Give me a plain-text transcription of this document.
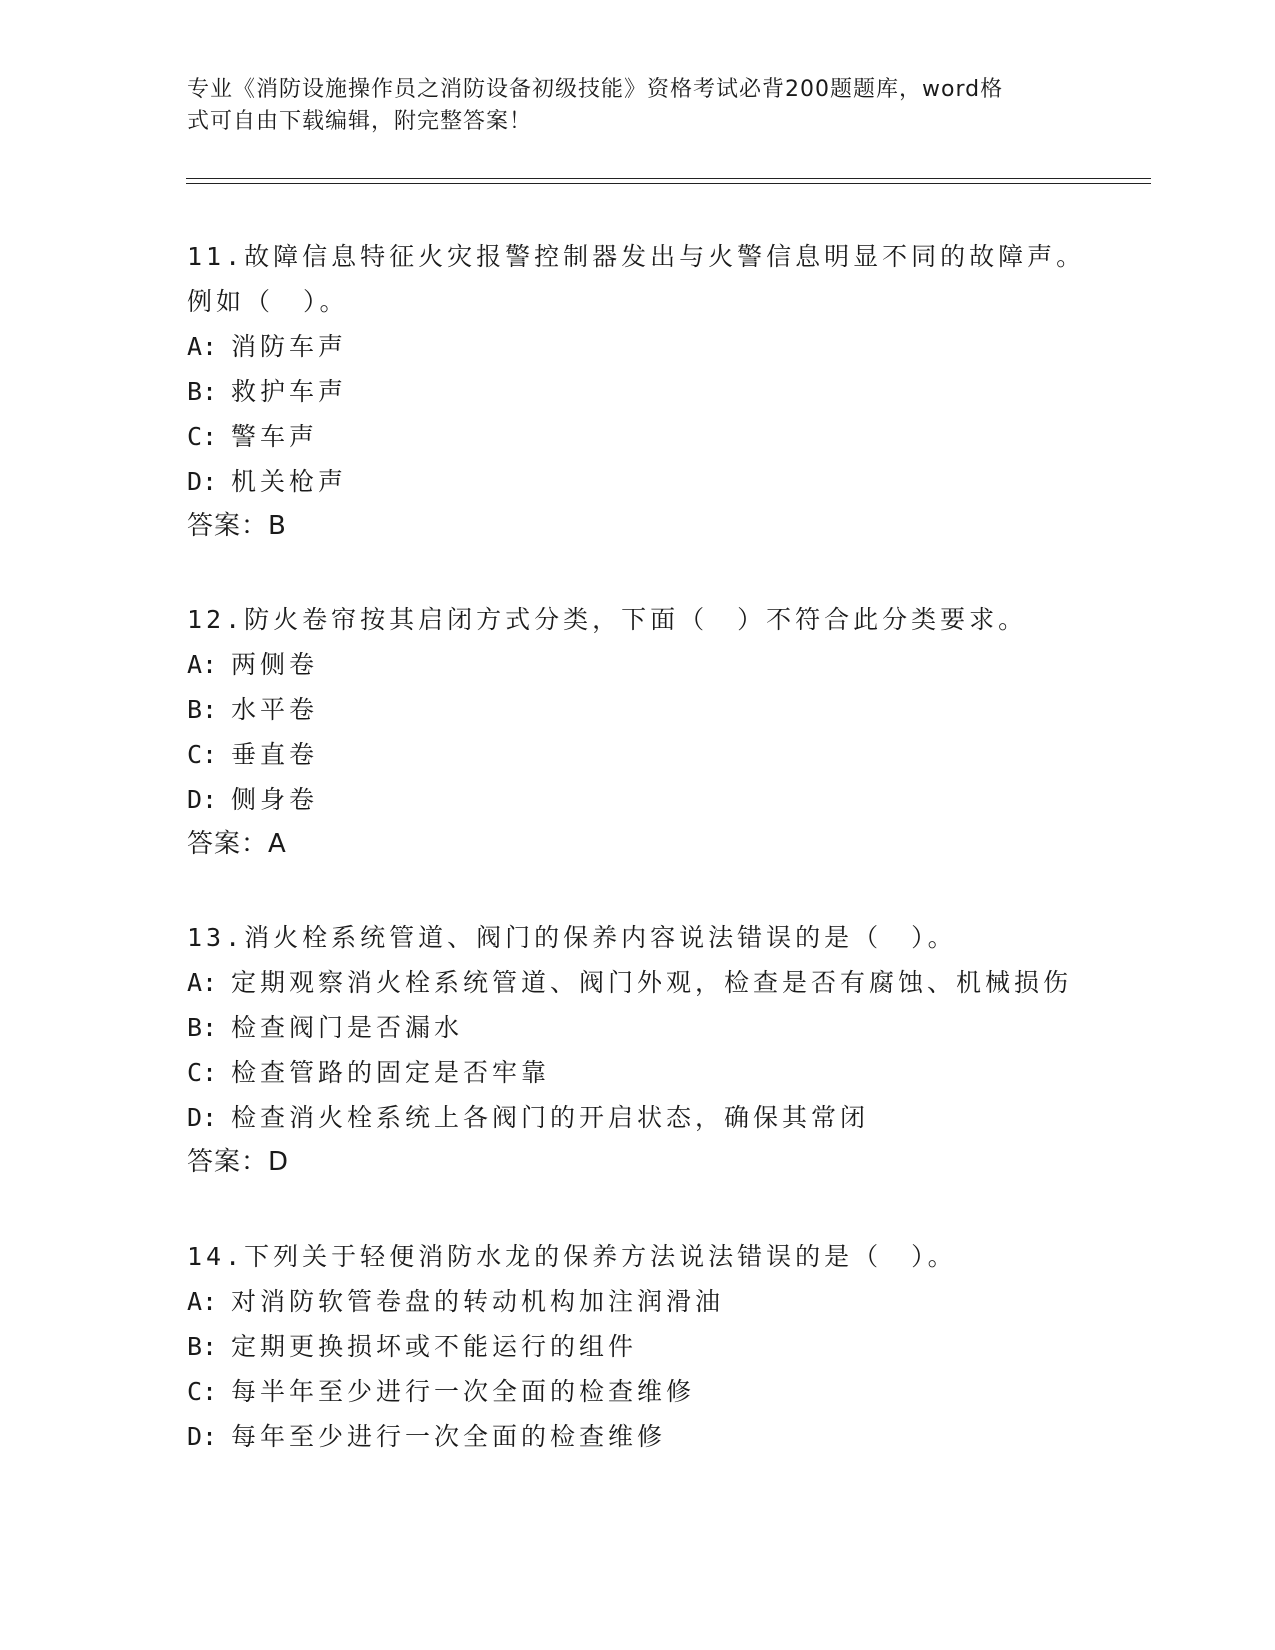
专业《消防设施操作员之消防设备初级技能》资格考试必背200题题库，word格
式可自由下载编辑，附完整答案！
11.故障信息特征火灾报警控制器发出与火警信息明显不同的故障声。
例如（　）。
A: 消防车声
B: 救护车声
C: 警车声
D: 机关枪声
答案：B
12.防火卷帘按其启闭方式分类，下面（　）不符合此分类要求。
A: 两侧卷
B: 水平卷
C: 垂直卷
D: 侧身卷
答案：A
13.消火栓系统管道、阀门的保养内容说法错误的是（　）。
A: 定期观察消火栓系统管道、阀门外观，检查是否有腐蚀、机械损伤
B: 检查阀门是否漏水
C: 检查管路的固定是否牢靠
D: 检查消火栓系统上各阀门的开启状态，确保其常闭
答案：D
14.下列关于轻便消防水龙的保养方法说法错误的是（　）。
A: 对消防软管卷盘的转动机构加注润滑油
B: 定期更换损坏或不能运行的组件
C: 每半年至少进行一次全面的检查维修
D: 每年至少进行一次全面的检查维修
